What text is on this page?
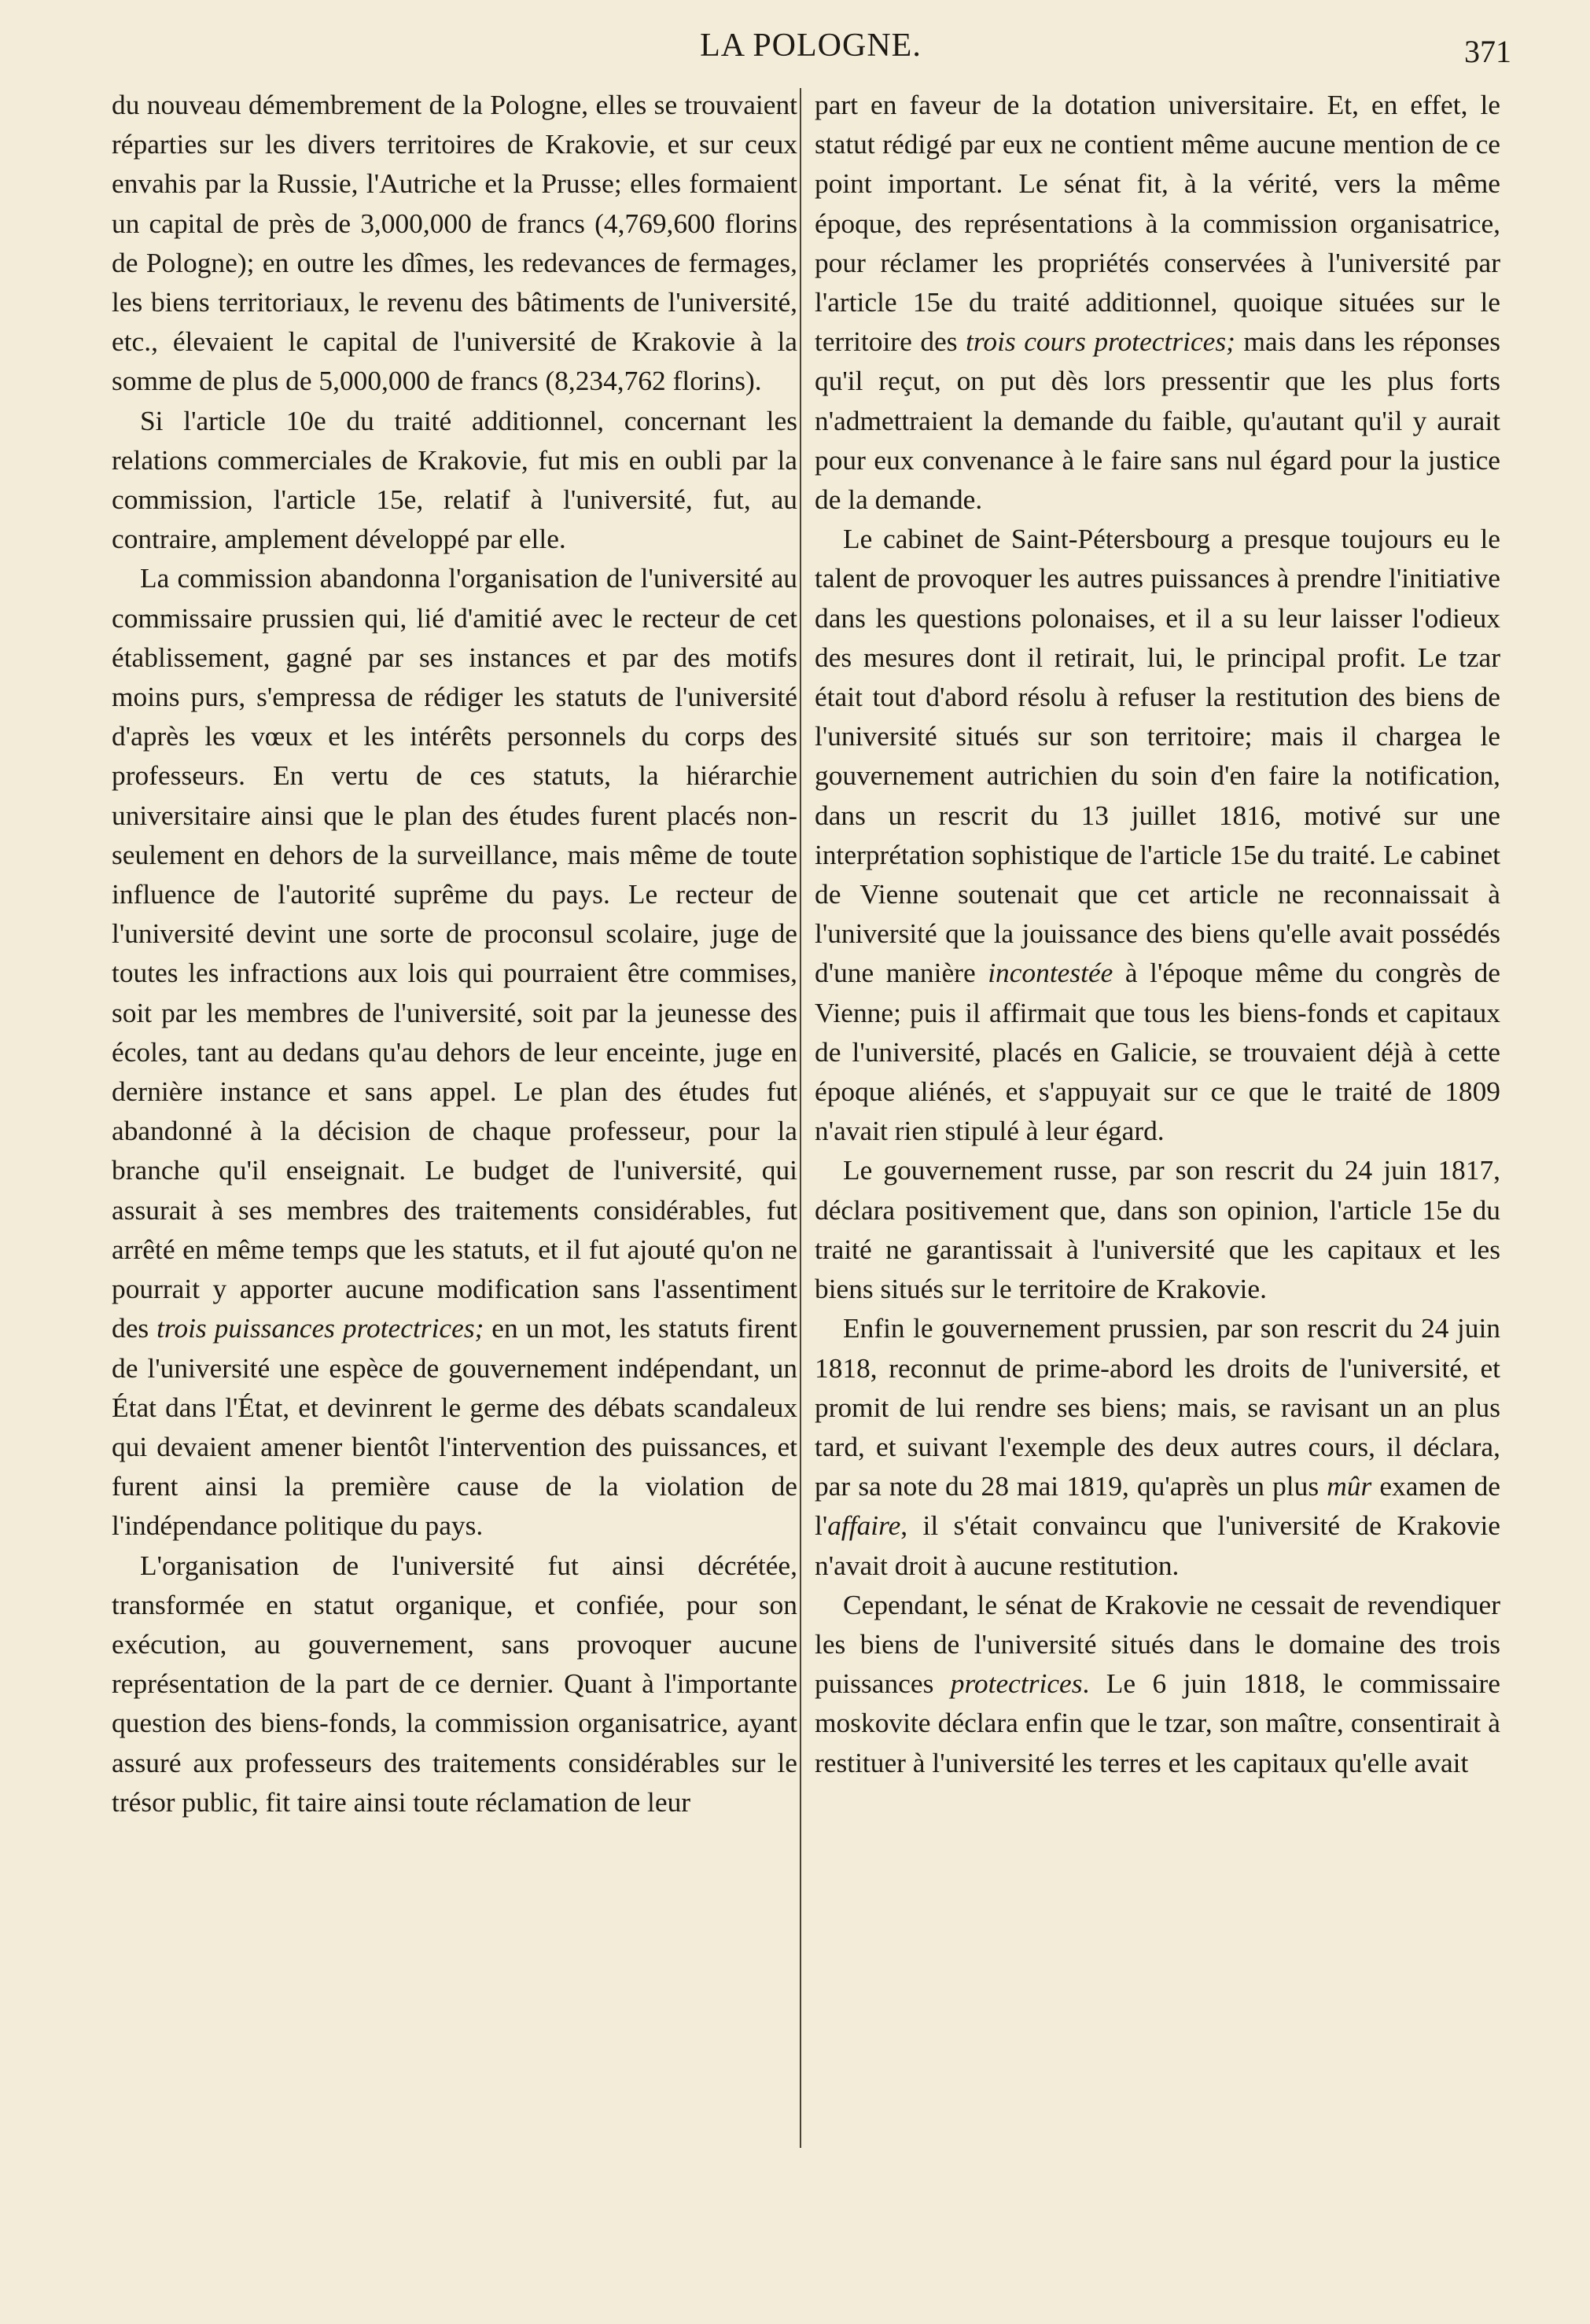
LA POLOGNE.	371

du nouveau démembrement de la Pologne, elles se trouvaient réparties sur les divers territoires de Krakovie, et sur ceux envahis par la Russie, l'Autriche et la Prusse; elles formaient un capital de près de 3,000,000 de francs (4,769,600 florins de Pologne); en outre les dîmes, les redevances de fermages, les biens territoriaux, le revenu des bâtiments de l'université, etc., élevaient le capital de l'université de Krakovie à la somme de plus de 5,000,000 de francs (8,234,762 florins).

Si l'article 10e du traité additionnel, concernant les relations commerciales de Krakovie, fut mis en oubli par la commission, l'article 15e, relatif à l'université, fut, au contraire, amplement développé par elle.

La commission abandonna l'organisation de l'université au commissaire prussien qui, lié d'amitié avec le recteur de cet établissement, gagné par ses instances et par des motifs moins purs, s'empressa de rédiger les statuts de l'université d'après les vœux et les intérêts personnels du corps des professeurs. En vertu de ces statuts, la hiérarchie universitaire ainsi que le plan des études furent placés non-seulement en dehors de la surveillance, mais même de toute influence de l'autorité suprême du pays. Le recteur de l'université devint une sorte de proconsul scolaire, juge de toutes les infractions aux lois qui pourraient être commises, soit par les membres de l'université, soit par la jeunesse des écoles, tant au dedans qu'au dehors de leur enceinte, juge en dernière instance et sans appel. Le plan des études fut abandonné à la décision de chaque professeur, pour la branche qu'il enseignait. Le budget de l'université, qui assurait à ses membres des traitements considérables, fut arrêté en même temps que les statuts, et il fut ajouté qu'on ne pourrait y apporter aucune modification sans l'assentiment des trois puissances protectrices; en un mot, les statuts firent de l'université une espèce de gouvernement indépendant, un État dans l'État, et devinrent le germe des débats scandaleux qui devaient amener bientôt l'intervention des puissances, et furent ainsi la première cause de la violation de l'indépendance politique du pays.

L'organisation de l'université fut ainsi décrétée, transformée en statut organique, et confiée, pour son exécution, au gouvernement, sans provoquer aucune représentation de la part de ce dernier. Quant à l'importante question des biens-fonds, la commission organisatrice, ayant assuré aux professeurs des traitements considérables sur le trésor public, fit taire ainsi toute réclamation de leur

part en faveur de la dotation universitaire. Et, en effet, le statut rédigé par eux ne contient même aucune mention de ce point important. Le sénat fit, à la vérité, vers la même époque, des représentations à la commission organisatrice, pour réclamer les propriétés conservées à l'université par l'article 15e du traité additionnel, quoique situées sur le territoire des trois cours protectrices; mais dans les réponses qu'il reçut, on put dès lors pressentir que les plus forts n'admettraient la demande du faible, qu'autant qu'il y aurait pour eux convenance à le faire sans nul égard pour la justice de la demande.

Le cabinet de Saint-Pétersbourg a presque toujours eu le talent de provoquer les autres puissances à prendre l'initiative dans les questions polonaises, et il a su leur laisser l'odieux des mesures dont il retirait, lui, le principal profit. Le tzar était tout d'abord résolu à refuser la restitution des biens de l'université situés sur son territoire; mais il chargea le gouvernement autrichien du soin d'en faire la notification, dans un rescrit du 13 juillet 1816, motivé sur une interprétation sophistique de l'article 15e du traité. Le cabinet de Vienne soutenait que cet article ne reconnaissait à l'université que la jouissance des biens qu'elle avait possédés d'une manière incontestée à l'époque même du congrès de Vienne; puis il affirmait que tous les biens-fonds et capitaux de l'université, placés en Galicie, se trouvaient déjà à cette époque aliénés, et s'appuyait sur ce que le traité de 1809 n'avait rien stipulé à leur égard.

Le gouvernement russe, par son rescrit du 24 juin 1817, déclara positivement que, dans son opinion, l'article 15e du traité ne garantissait à l'université que les capitaux et les biens situés sur le territoire de Krakovie.

Enfin le gouvernement prussien, par son rescrit du 24 juin 1818, reconnut de prime-abord les droits de l'université, et promit de lui rendre ses biens; mais, se ravisant un an plus tard, et suivant l'exemple des deux autres cours, il déclara, par sa note du 28 mai 1819, qu'après un plus mûr examen de l'affaire, il s'était convaincu que l'université de Krakovie n'avait droit à aucune restitution.

Cependant, le sénat de Krakovie ne cessait de revendiquer les biens de l'université situés dans le domaine des trois puissances protectrices. Le 6 juin 1818, le commissaire moskovite déclara enfin que le tzar, son maître, consentirait à restituer à l'université les terres et les capitaux qu'elle avait
